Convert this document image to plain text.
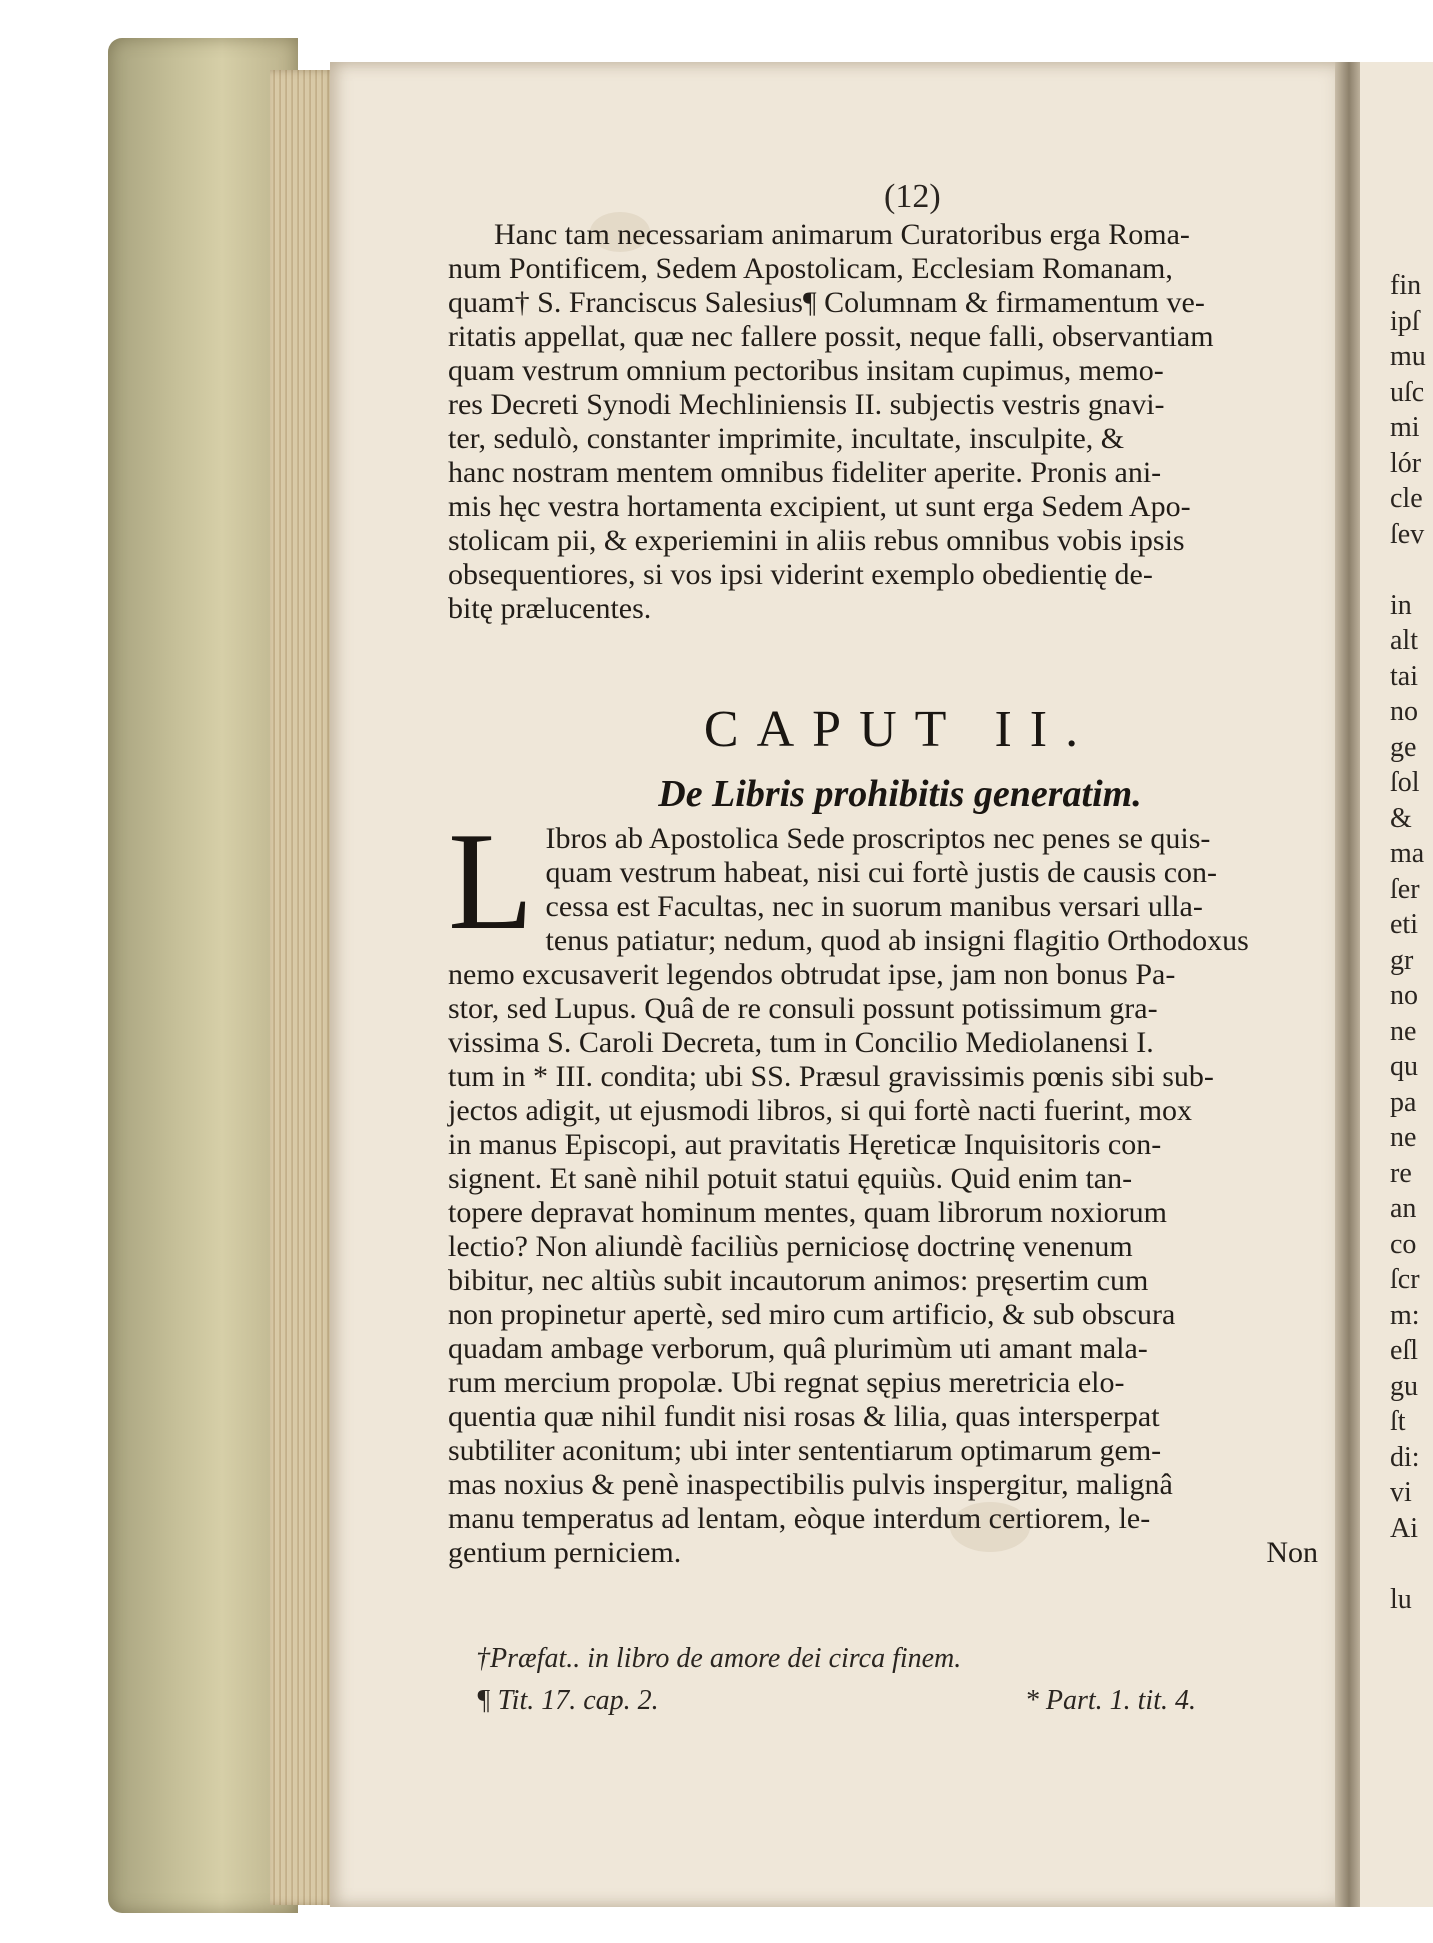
fin
ipſ
mu
uſc
mi
lór
cle
ſev
in
alt
tai
no
ge
ſol
&
ma
ſer
eti
gr
no
ne
qu
pa
ne
re
an
co
ſcr
m:
eſl
gu
ſt
di:
vi
Ai
lu
(12)
Hanc tam necessariam animarum Curatoribus erga Roma-
num Pontificem, Sedem Apostolicam, Ecclesiam Romanam,
quam† S. Franciscus Salesius¶ Columnam & firmamentum ve-
ritatis appellat, quæ nec fallere possit, neque falli, observantiam
quam vestrum omnium pectoribus insitam cupimus, memo-
res Decreti Synodi Mechliniensis II. subjectis vestris gnavi-
ter, sedulò, constanter imprimite, incultate, insculpite, &
hanc nostram mentem omnibus fideliter aperite. Pronis ani-
mis hęc vestra hortamenta excipient, ut sunt erga Sedem Apo-
stolicam pii, & experiemini in aliis rebus omnibus vobis ipsis
obsequentiores, si vos ipsi viderint exemplo obedientię de-
bitę prælucentes.
CAPUT II.
De Libris prohibitis generatim.
L Ibros ab Apostolica Sede proscriptos nec penes se quis-
quam vestrum habeat, nisi cui fortè justis de causis con-
cessa est Facultas, nec in suorum manibus versari ulla-
tenus patiatur; nedum, quod ab insigni flagitio Orthodoxus
nemo excusaverit legendos obtrudat ipse, jam non bonus Pa-
stor, sed Lupus. Quâ de re consuli possunt potissimum gra-
vissima S. Caroli Decreta, tum in Concilio Mediolanensi I.
tum in * III. condita; ubi SS. Præsul gravissimis pœnis sibi sub-
jectos adigit, ut ejusmodi libros, si qui fortè nacti fuerint, mox
in manus Episcopi, aut pravitatis Hęreticæ Inquisitoris con-
signent. Et sanè nihil potuit statui ęquiùs. Quid enim tan-
topere depravat hominum mentes, quam librorum noxiorum
lectio? Non aliundè faciliùs perniciosę doctrinę venenum
bibitur, nec altiùs subit incautorum animos: pręsertim cum
non propinetur apertè, sed miro cum artificio, & sub obscura
quadam ambage verborum, quâ plurimùm uti amant mala-
rum mercium propolæ. Ubi regnat sępius meretricia elo-
quentia quæ nihil fundit nisi rosas & lilia, quas intersperpat
subtiliter aconitum; ubi inter sententiarum optimarum gem-
mas noxius & penè inaspectibilis pulvis inspergitur, malignâ
manu temperatus ad lentam, eòque interdum certiorem, le-
gentium perniciem.	Non
†Præfat.. in libro de amore dei circa finem.
¶ Tit. 17. cap. 2.	* Part. 1. tit. 4.
